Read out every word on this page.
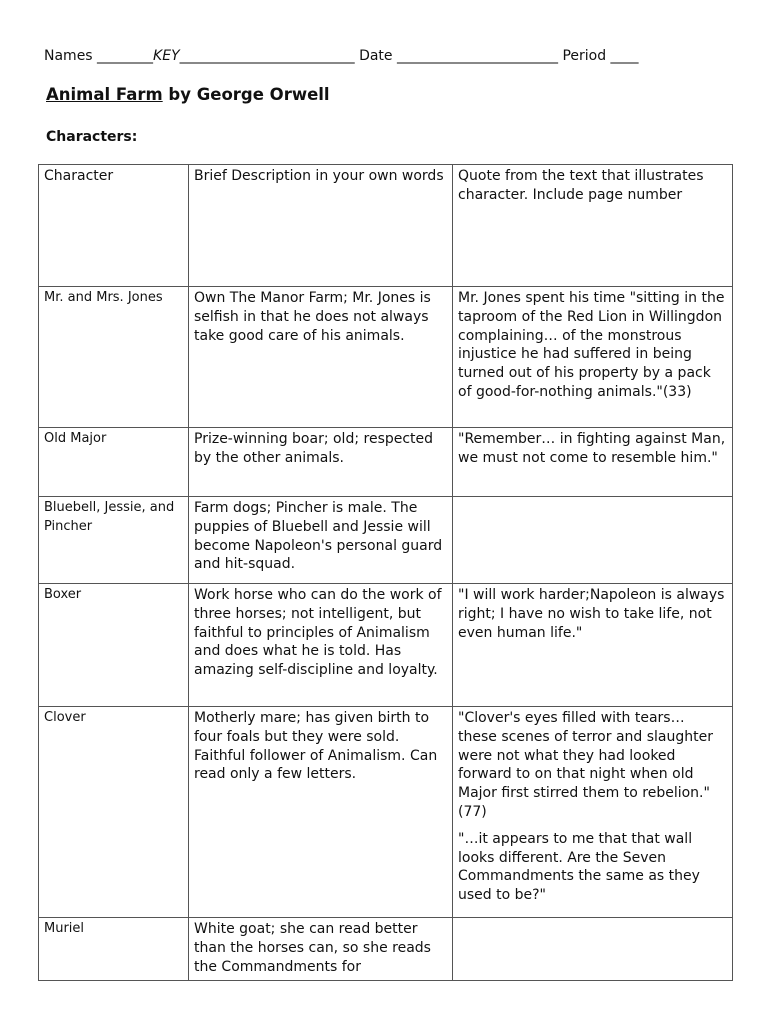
Names ________KEY_________________________ Date _______________________ Period ____
Animal Farm by George Orwell
Characters:
Character	Brief Description in your own words	Quote from the text that illustrates character. Include page number
Mr. and Mrs. Jones	Own The Manor Farm; Mr. Jones is selfish in that he does not always take good care of his animals.	Mr. Jones spent his time "sitting in the taproom of the Red Lion in Willingdon complaining… of the monstrous injustice he had suffered in being turned out of his property by a pack of good-for-nothing animals."(33)

Old Major	Prize-winning boar; old; respected by the other animals.	"Remember… in fighting against Man, we must not come to resemble him."

Bluebell, Jessie, and Pincher	Farm dogs; Pincher is male. The puppies of Bluebell and Jessie will become Napoleon's personal guard and hit-squad.	
Boxer	Work horse who can do the work of three horses; not intelligent, but faithful to principles of Animalism and does what he is told. Has amazing self-discipline and loyalty.	"I will work harder;Napoleon is always right; I have no wish to take life, not even human life."

Clover	Motherly mare; has given birth to four foals but they were sold. Faithful follower of Animalism. Can read only a few letters.	"Clover's eyes filled with tears… these scenes of terror and slaughter were not what they had looked forward to on that night when old Major first stirred them to rebelion." (77)

"…it appears to me that that wall looks different. Are the Seven Commandments the same as they used to be?"

Muriel	White goat; she can read better than the horses can, so she reads the Commandments for	
